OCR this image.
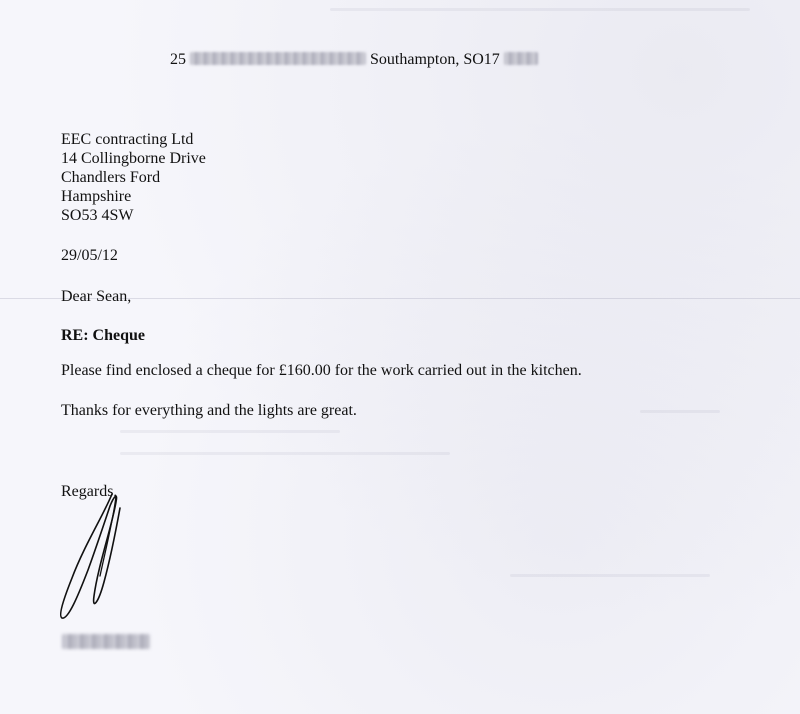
25	Southampton, SO17
EEC contracting Ltd
14 Collingborne Drive
Chandlers Ford
Hampshire
SO53 4SW
29/05/12
Dear Sean,
RE: Cheque
Please find enclosed a cheque for £160.00 for the work carried out in the kitchen.
Thanks for everything and the lights are great.
Regards,
